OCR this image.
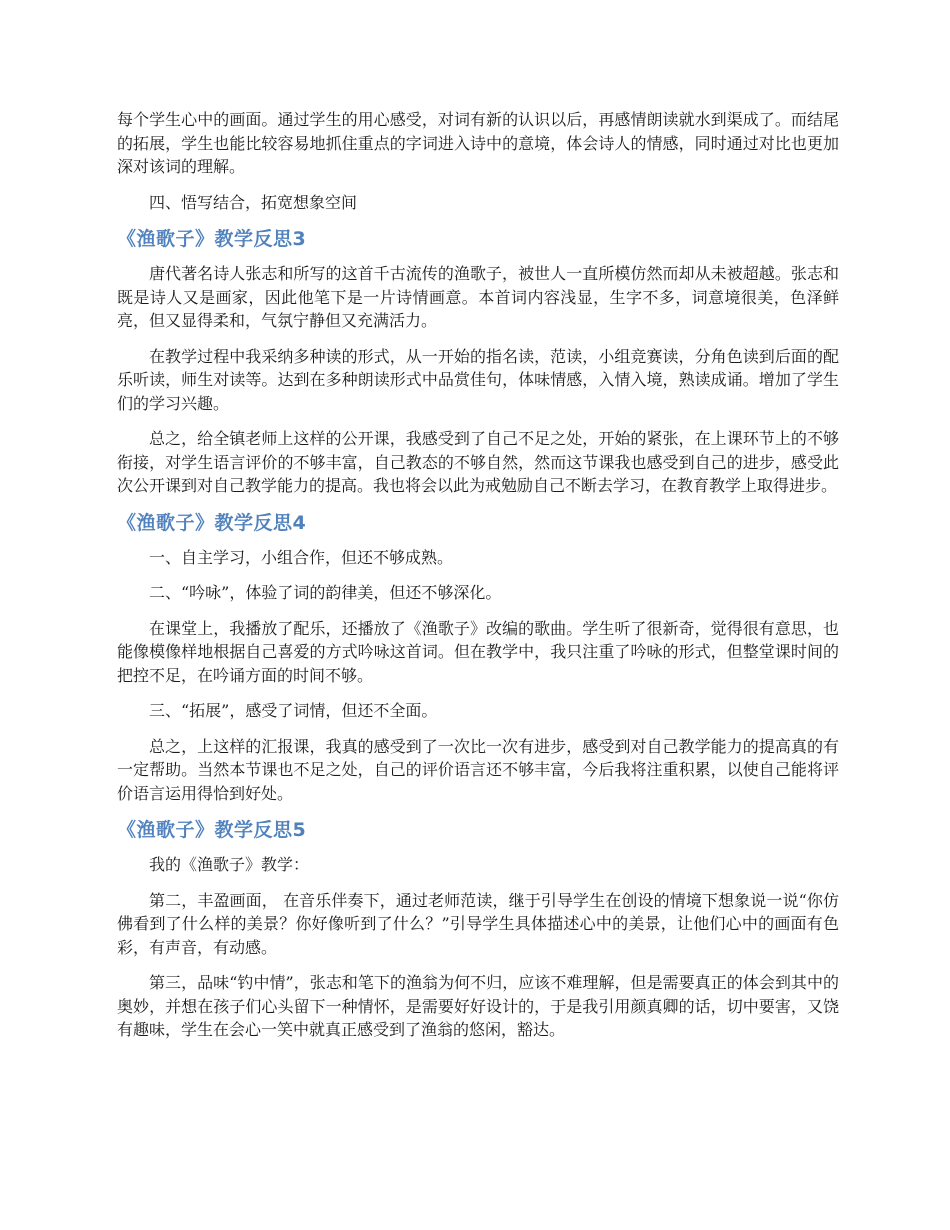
每个学生心中的画面。通过学生的用心感受，对词有新的认识以后，再感情朗读就水到渠成了。而结尾的拓展，学生也能比较容易地抓住重点的字词进入诗中的意境，体会诗人的情感，同时通过对比也更加深对该词的理解。

四、悟写结合，拓宽想象空间

《渔歌子》教学反思3

唐代著名诗人张志和所写的这首千古流传的渔歌子，被世人一直所模仿然而却从未被超越。张志和既是诗人又是画家，因此他笔下是一片诗情画意。本首词内容浅显，生字不多，词意境很美，色泽鲜亮，但又显得柔和，气氛宁静但又充满活力。

在教学过程中我采纳多种读的形式，从一开始的指名读，范读，小组竞赛读，分角色读到后面的配乐听读，师生对读等。达到在多种朗读形式中品赏佳句，体味情感，入情入境，熟读成诵。增加了学生们的学习兴趣。

总之，给全镇老师上这样的公开课，我感受到了自己不足之处，开始的紧张，在上课环节上的不够衔接，对学生语言评价的不够丰富，自己教态的不够自然，然而这节课我也感受到自己的进步，感受此次公开课到对自己教学能力的提高。我也将会以此为戒勉励自己不断去学习，在教育教学上取得进步。

《渔歌子》教学反思4

一、自主学习，小组合作，但还不够成熟。

二、“吟咏”，体验了词的韵律美，但还不够深化。

在课堂上，我播放了配乐，还播放了《渔歌子》改编的歌曲。学生听了很新奇，觉得很有意思，也能像模像样地根据自己喜爱的方式吟咏这首词。但在教学中，我只注重了吟咏的形式，但整堂课时间的把控不足，在吟诵方面的时间不够。

三、“拓展”，感受了词情，但还不全面。

总之，上这样的汇报课，我真的感受到了一次比一次有进步，感受到对自己教学能力的提高真的有一定帮助。当然本节课也不足之处，自己的评价语言还不够丰富，今后我将注重积累，以使自己能将评价语言运用得恰到好处。

《渔歌子》教学反思5

我的《渔歌子》教学：

第二，丰盈画面， 在音乐伴奏下，通过老师范读，继于引导学生在创设的情境下想象说一说“你仿佛看到了什么样的美景？你好像听到了什么？”引导学生具体描述心中的美景，让他们心中的画面有色彩，有声音，有动感。

第三，品味“钓中情”，张志和笔下的渔翁为何不归，应该不难理解，但是需要真正的体会到其中的奥妙，并想在孩子们心头留下一种情怀，是需要好好设计的，于是我引用颜真卿的话，切中要害，又饶有趣味，学生在会心一笑中就真正感受到了渔翁的悠闲，豁达。
